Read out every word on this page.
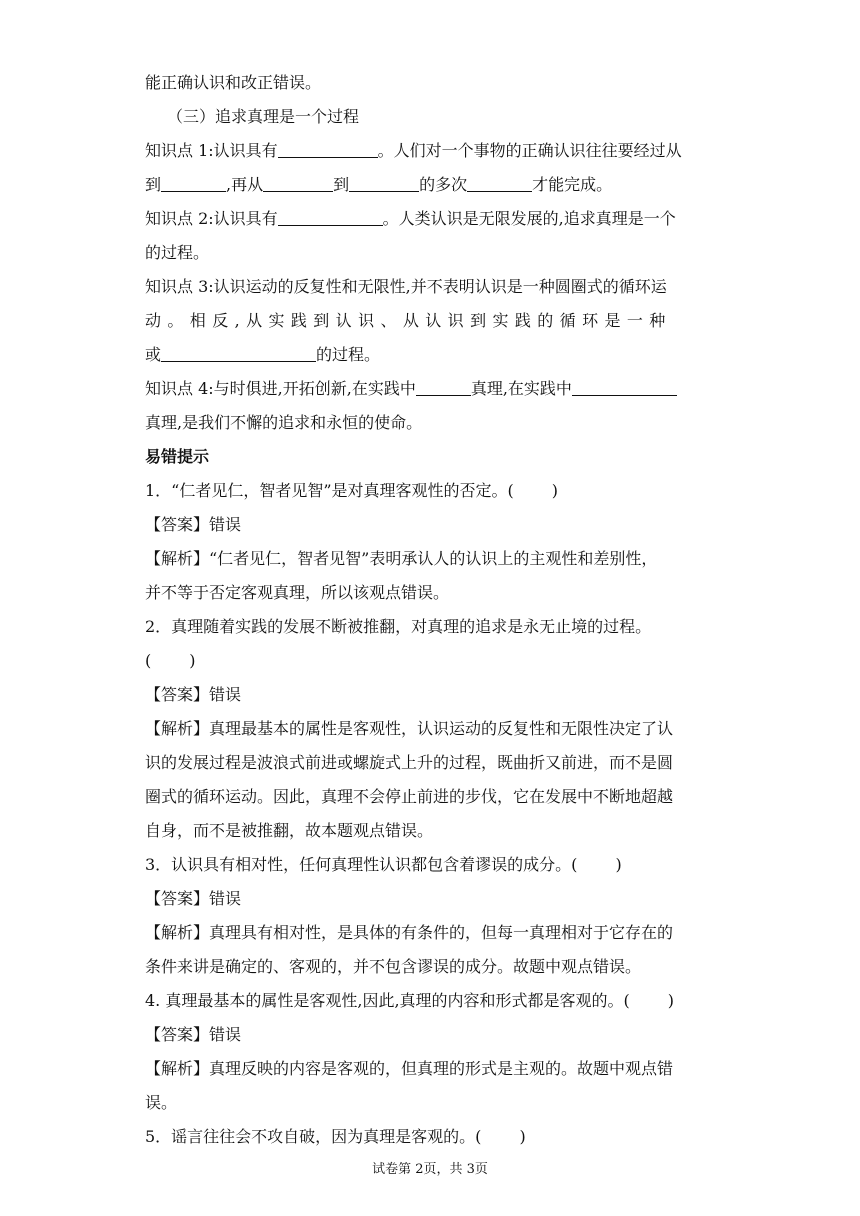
能正确认识和改正错误。
（三）追求真理是一个过程
知识点 1:认识具有	。人们对一个事物的正确认识往往要经过从
到	,再从	到	的多次	才能完成。
知识点 2:认识具有	。人类认识是无限发展的,追求真理是一个
的过程。
知识点 3:认识运动的反复性和无限性,并不表明认识是一种圆圈式的循环运
动。相反,从实践到认识、从认识到实践的循环是一种
或	的过程。
知识点 4:与时俱进,开拓创新,在实践中	真理,在实践中
真理,是我们不懈的追求和永恒的使命。
易错提示
1．“仁者见仁，智者见智”是对真理客观性的否定。( )
【答案】错误
【解析】“仁者见仁，智者见智”表明承认人的认识上的主观性和差别性，
并不等于否定客观真理，所以该观点错误。
2．真理随着实践的发展不断被推翻，对真理的追求是永无止境的过程。
( )
【答案】错误
【解析】真理最基本的属性是客观性，认识运动的反复性和无限性决定了认
识的发展过程是波浪式前进或螺旋式上升的过程，既曲折又前进，而不是圆
圈式的循环运动。因此，真理不会停止前进的步伐，它在发展中不断地超越
自身，而不是被推翻，故本题观点错误。
3．认识具有相对性，任何真理性认识都包含着谬误的成分。( )
【答案】错误
【解析】真理具有相对性，是具体的有条件的，但每一真理相对于它存在的
条件来讲是确定的、客观的，并不包含谬误的成分。故题中观点错误。
4. 真理最基本的属性是客观性,因此,真理的内容和形式都是客观的。( )
【答案】错误
【解析】真理反映的内容是客观的，但真理的形式是主观的。故题中观点错
误。
5．谣言往往会不攻自破，因为真理是客观的。( )
试卷第 2页，共 3页
